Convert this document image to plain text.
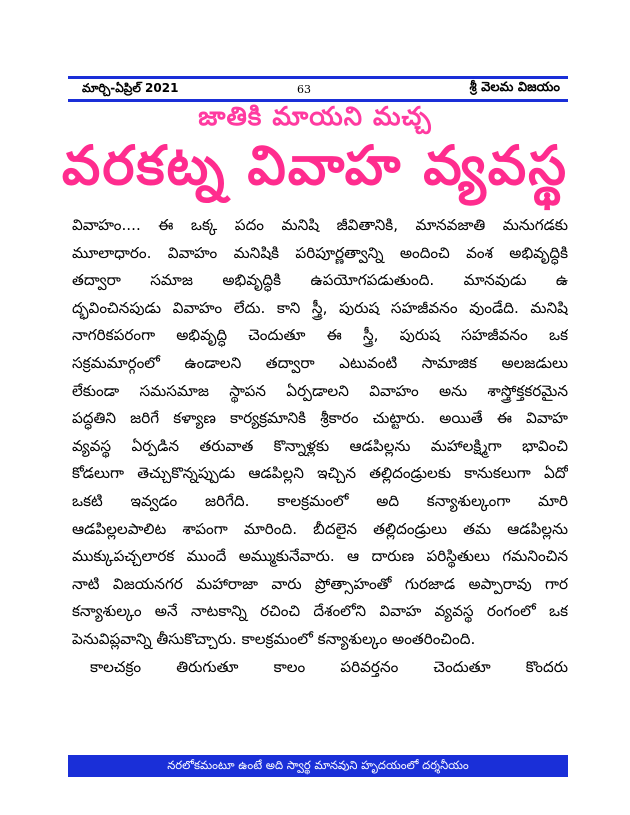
మార్చి-ఏప్రిల్ 2021	63	శ్రీ వెలమ విజయం
జాతికి మాయని మచ్చ
వరకట్న వివాహ వ్యవస్థ

వివాహం.... ఈ ఒక్క పదం మనిషి జీవితానికి, మానవజాతి మనుగడకు

మూలాధారం. వివాహం మనిషికి పరిపూర్ణత్వాన్ని అందించి వంశ అభివృద్ధికి

తద్వారా సమాజ అభివృద్ధికి ఉపయోగపడుతుంది. మానవుడు ఉ

ద్భవించినపుడు వివాహం లేదు. కాని స్త్రీ, పురుష సహజీవనం వుండేది. మనిషి

నాగరికపరంగా అభివృద్ధి చెందుతూ ఈ స్త్రీ, పురుష సహజీవనం ఒక

సక్రమమార్గంలో ఉండాలని తద్వారా ఎటువంటి సామాజిక అలజడులు

లేకుండా సమసమాజ స్థాపన ఏర్పడాలని వివాహం అను శాస్త్రోక్తకరమైన

పద్ధతిని జరిగే కళ్యాణ కార్యక్రమానికి శ్రీకారం చుట్టారు. అయితే ఈ వివాహ

వ్యవస్థ ఏర్పడిన తరువాత కొన్నాళ్లకు ఆడపిల్లను మహాలక్ష్మిగా భావించి

కోడలుగా తెచ్చుకొన్నప్పుడు ఆడపిల్లని ఇచ్చిన తల్లిదండ్రులకు కానుకలుగా ఏదో

ఒకటి ఇవ్వడం జరిగేది. కాలక్రమంలో అది కన్యాశుల్కంగా మారి

ఆడపిల్లలపాలిట శాపంగా మారింది. బీదలైన తల్లిదండ్రులు తమ ఆడపిల్లను

ముక్కుపచ్చలారక ముందే అమ్ముకునేవారు. ఆ దారుణ పరిస్థితులు గమనించిన

నాటి విజయనగర మహారాజా వారు ప్రోత్సాహంతో గురజాడ అప్పారావు గార

కన్యాశుల్కం అనే నాటకాన్ని రచించి దేశంలోని వివాహ వ్యవస్థ రంగంలో ఒక

పెనువిప్లవాన్ని తీసుకొచ్చారు. కాలక్రమంలో కన్యాశుల్కం అంతరించింది.

కాలచక్రం తిరుగుతూ కాలం పరివర్తనం చెందుతూ కొందరు

నరలోకమంటూ ఉంటే అది స్వార్థ మానవుని హృదయంలో దర్శనీయం
